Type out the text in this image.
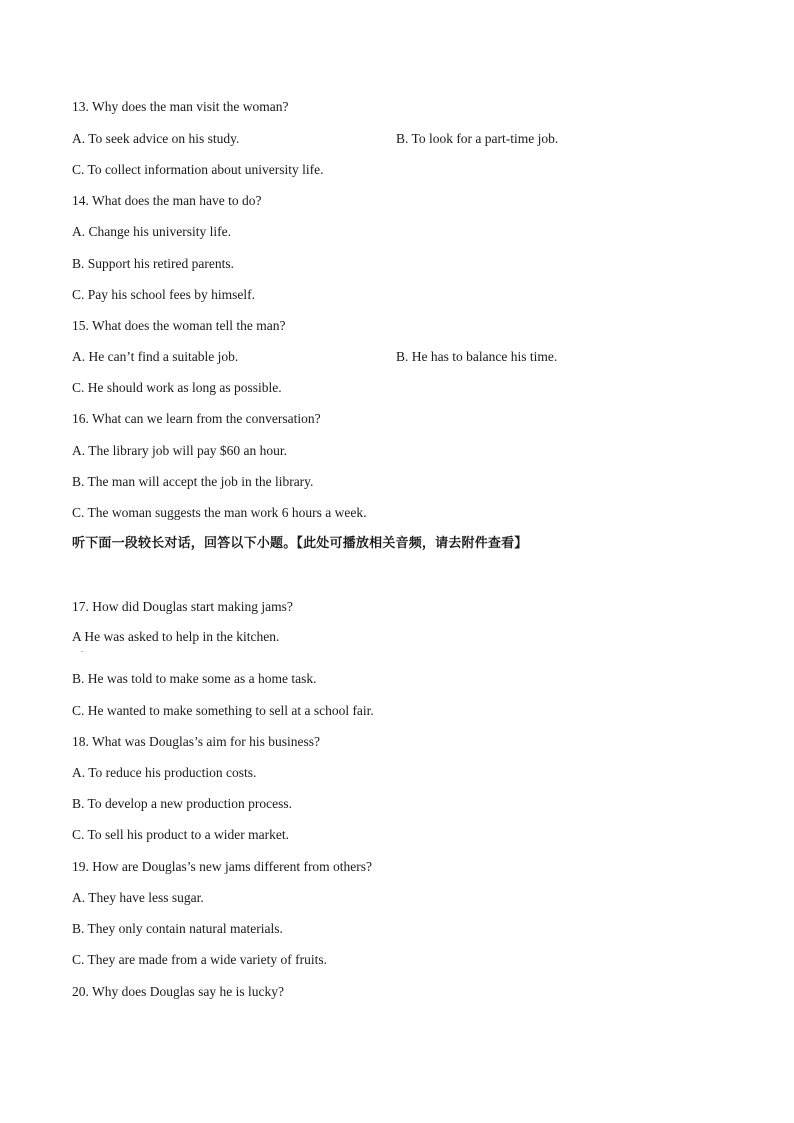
13. Why does the man visit the woman?
A. To seek advice on his study.	B. To look for a part-time job.
C. To collect information about university life.
14. What does the man have to do?
A. Change his university life.
B. Support his retired parents.
C. Pay his school fees by himself.
15. What does the woman tell the man?
A. He can’t find a suitable job.	B. He has to balance his time.
C. He should work as long as possible.
16. What can we learn from the conversation?
A. The library job will pay $60 an hour.
B. The man will accept the job in the library.
C. The woman suggests the man work 6 hours a week.
听下面一段较长对话，回答以下小题。【此处可播放相关音频，请去附件查看】
17. How did Douglas start making jams?
A He was asked to help in the kitchen.
.
B. He was told to make some as a home task.
C. He wanted to make something to sell at a school fair.
18. What was Douglas’s aim for his business?
A. To reduce his production costs.
B. To develop a new production process.
C. To sell his product to a wider market.
19. How are Douglas’s new jams different from others?
A. They have less sugar.
B. They only contain natural materials.
C. They are made from a wide variety of fruits.
20. Why does Douglas say he is lucky?
